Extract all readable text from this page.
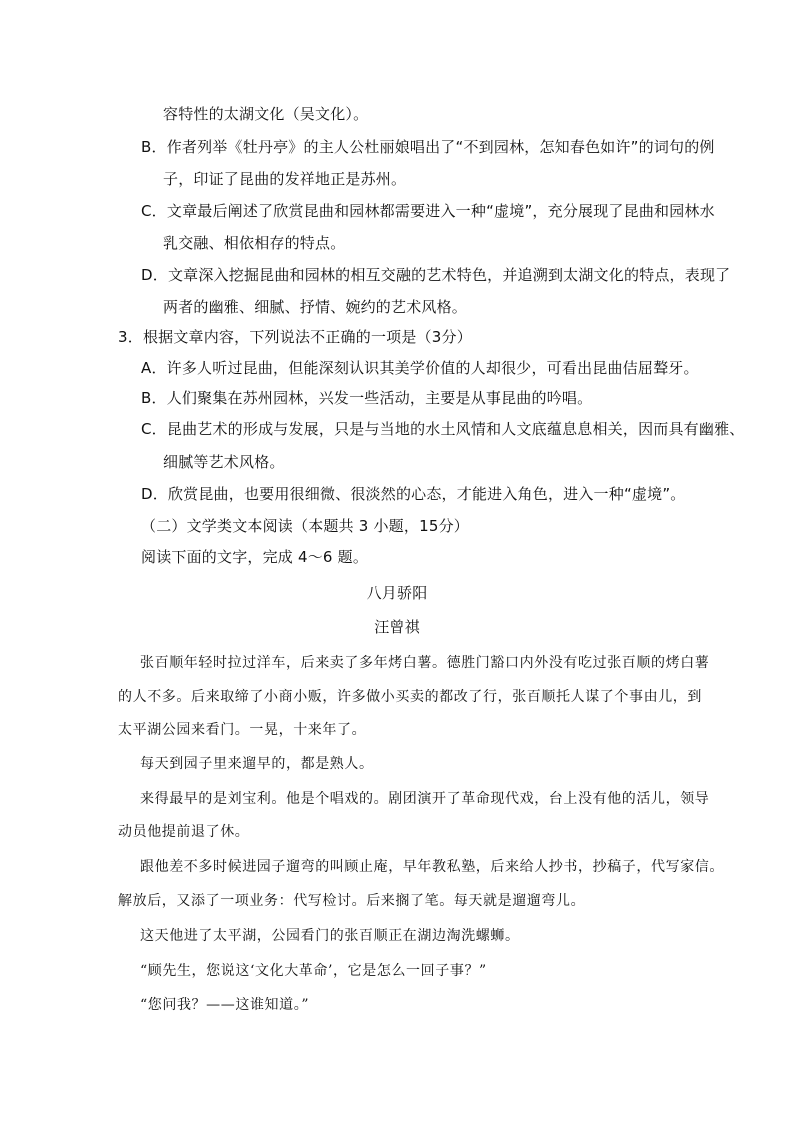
容特性的太湖文化（吴文化）。
B．作者列举《牡丹亭》的主人公杜丽娘唱出了“不到园林，怎知春色如许”的词句的例
子，印证了昆曲的发祥地正是苏州。
C．文章最后阐述了欣赏昆曲和园林都需要进入一种“虚境”，充分展现了昆曲和园林水
乳交融、相依相存的特点。
D．文章深入挖掘昆曲和园林的相互交融的艺术特色，并追溯到太湖文化的特点，表现了
两者的幽雅、细腻、抒情、婉约的艺术风格。
3．根据文章内容，下列说法不正确的一项是（3分）
A．许多人听过昆曲，但能深刻认识其美学价值的人却很少，可看出昆曲佶屈聱牙。
B．人们聚集在苏州园林，兴发一些活动，主要是从事昆曲的吟唱。
C．昆曲艺术的形成与发展，只是与当地的水土风情和人文底蕴息息相关，因而具有幽雅、
细腻等艺术风格。
D．欣赏昆曲，也要用很细微、很淡然的心态，才能进入角色，进入一种“虚境”。
（二）文学类文本阅读（本题共 3 小题，15分）
阅读下面的文字，完成 4～6 题。
八月骄阳
汪曾祺
张百顺年轻时拉过洋车，后来卖了多年烤白薯。德胜门豁口内外没有吃过张百顺的烤白薯
的人不多。后来取缔了小商小贩，许多做小买卖的都改了行，张百顺托人谋了个事由儿，到
太平湖公园来看门。一晃，十来年了。
每天到园子里来遛早的，都是熟人。
来得最早的是刘宝利。他是个唱戏的。剧团演开了革命现代戏，台上没有他的活儿，领导
动员他提前退了休。
跟他差不多时候进园子遛弯的叫顾止庵，早年教私塾，后来给人抄书，抄稿子，代写家信。
解放后，又添了一项业务：代写检讨。后来搁了笔。每天就是遛遛弯儿。
这天他进了太平湖，公园看门的张百顺正在湖边淘洗螺蛳。
“顾先生，您说这‘文化大革命’，它是怎么一回子事？”
“您问我？——这谁知道。”
